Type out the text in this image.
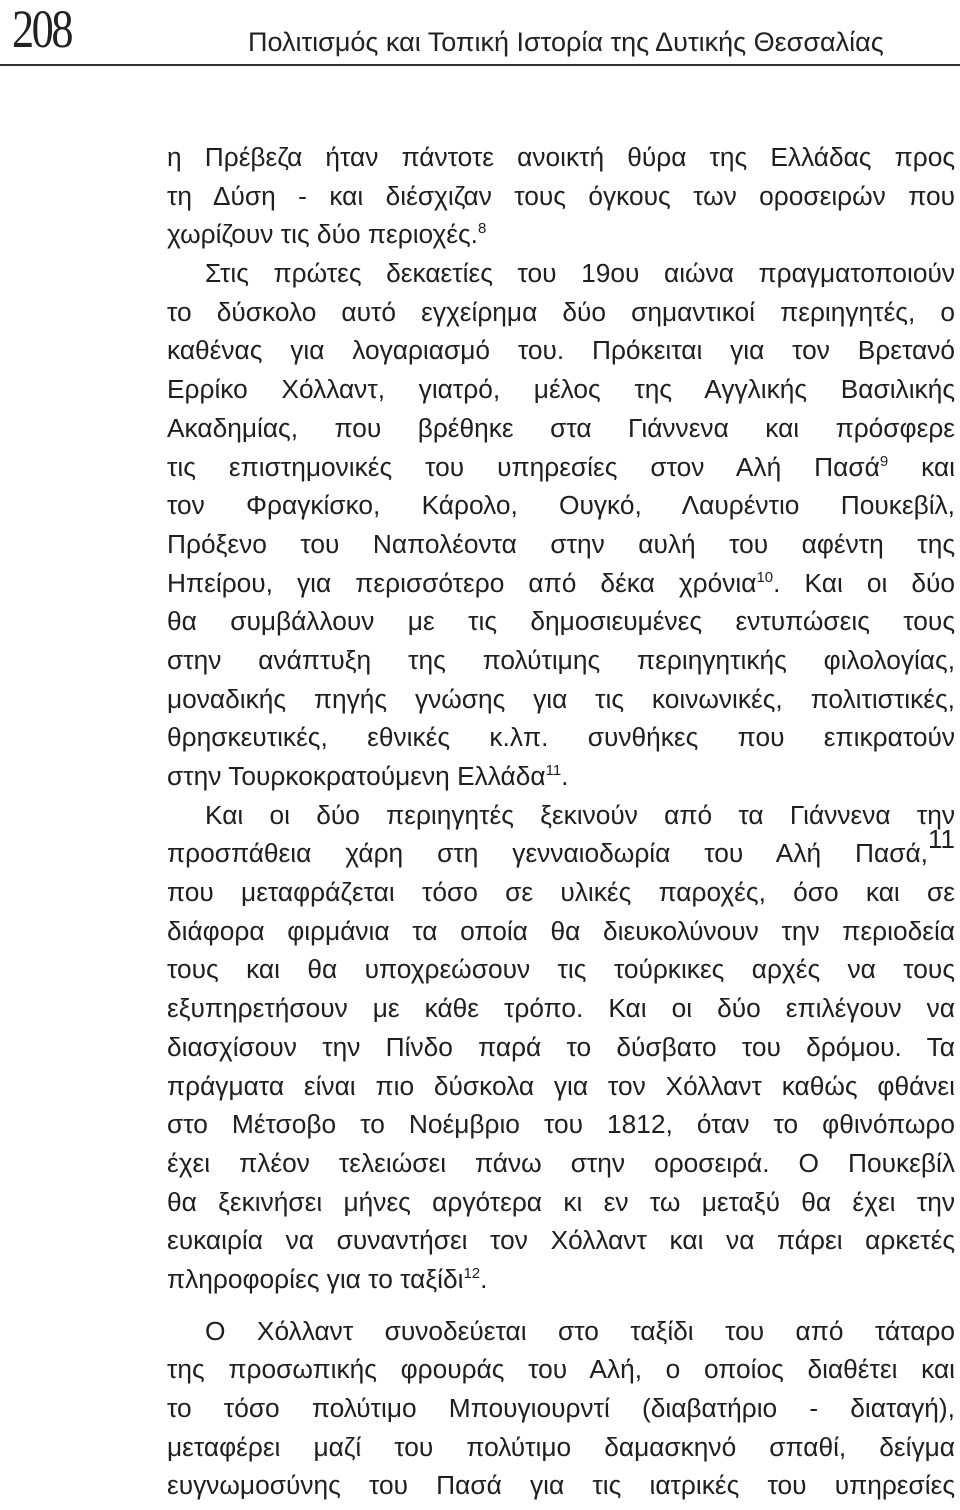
208	Πολιτισμός και Τοπική Ιστορία της Δυτικής Θεσσαλίας
η Πρέβεζα ήταν πάντοτε ανοικτή θύρα της Ελλάδας προς
τη Δύση - και διέσχιζαν τους όγκους των οροσειρών που
χωρίζουν τις δύο περιοχές.$^8$
Στις πρώτες δεκαετίες του 19ου αιώνα πραγματοποιούν
το δύσκολο αυτό εγχείρημα δύο σημαντικοί περιηγητές, ο
καθένας για λογαριασμό του. Πρόκειται για τον Βρετανό
Ερρίκο Χόλλαντ, γιατρό, μέλος της Αγγλικής Βασιλικής
Ακαδημίας, που βρέθηκε στα Γιάννενα και πρόσφερε
τις επιστημονικές του υπηρεσίες στον Αλή Πασά$^9$ και
τον Φραγκίσκο, Κάρολο, Ουγκό, Λαυρέντιο Πουκεβίλ,
Πρόξενο του Ναπολέοντα στην αυλή του αφέντη της
Ηπείρου, για περισσότερο από δέκα χρόνια$^{10}$. Και οι δύο
θα συμβάλλουν με τις δημοσιευμένες εντυπώσεις τους
στην ανάπτυξη της πολύτιμης περιηγητικής φιλολογίας,
μοναδικής πηγής γνώσης για τις κοινωνικές, πολιτιστικές,
θρησκευτικές, εθνικές κ.λπ. συνθήκες που επικρατούν
στην Τουρκοκρατούμενη Ελλάδα$^{11}$.
Και οι δύο περιηγητές ξεκινούν από τα Γιάννενα την
προσπάθεια χάρη στη γενναιοδωρία του Αλή Πασά,$^{11}$
που μεταφράζεται τόσο σε υλικές παροχές, όσο και σε
διάφορα φιρμάνια τα οποία θα διευκολύνουν την περιοδεία
τους και θα υποχρεώσουν τις τούρκικες αρχές να τους
εξυπηρετήσουν με κάθε τρόπο. Και οι δύο επιλέγουν να
διασχίσουν την Πίνδο παρά το δύσβατο του δρόμου. Τα
πράγματα είναι πιο δύσκολα για τον Χόλλαντ καθώς φθάνει
στο Μέτσοβο το Νοέμβριο του 1812, όταν το φθινόπωρο
έχει πλέον τελειώσει πάνω στην οροσειρά. Ο Πουκεβίλ
θα ξεκινήσει μήνες αργότερα κι εν τω μεταξύ θα έχει την
ευκαιρία να συναντήσει τον Χόλλαντ και να πάρει αρκετές
πληροφορίες για το ταξίδι$^{12}$.
Ο Χόλλαντ συνοδεύεται στο ταξίδι του από τάταρο
της προσωπικής φρουράς του Αλή, ο οποίος διαθέτει και
το τόσο πολύτιμο Μπουγιουρντί (διαβατήριο - διαταγή),
μεταφέρει μαζί του πολύτιμο δαμασκηνό σπαθί, δείγμα
ευγνωμοσύνης του Πασά για τις ιατρικές του υπηρεσίες
